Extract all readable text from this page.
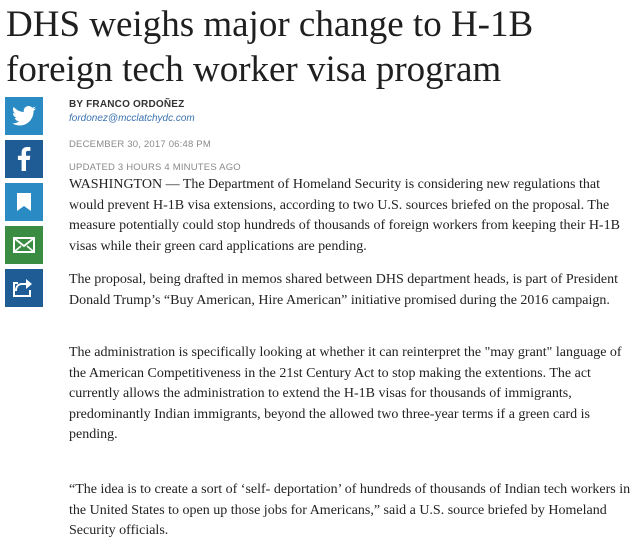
DHS weighs major change to H-1B foreign tech worker visa program
BY FRANCO ORDOÑEZ
fordonez@mcclatchydc.com
DECEMBER 30, 2017 06:48 PM
UPDATED 3 HOURS 4 MINUTES AGO

WASHINGTON — The Department of Homeland Security is considering new regulations that would prevent H-1B visa extensions, according to two U.S. sources briefed on the proposal. The measure potentially could stop hundreds of thousands of foreign workers from keeping their H-1B visas while their green card applications are pending.

The proposal, being drafted in memos shared between DHS department heads, is part of President Donald Trump’s “Buy American, Hire American” initiative promised during the 2016 campaign.

The administration is specifically looking at whether it can reinterpret the "may grant" language of the American Competitiveness in the 21st Century Act to stop making the extentions. The act currently allows the administration to extend the H-1B visas for thousands of immigrants, predominantly Indian immigrants, beyond the allowed two three-year terms if a green card is pending.

“The idea is to create a sort of ‘self- deportation’ of hundreds of thousands of Indian tech workers in the United States to open up those jobs for Americans,” said a U.S. source briefed by Homeland Security officials.
